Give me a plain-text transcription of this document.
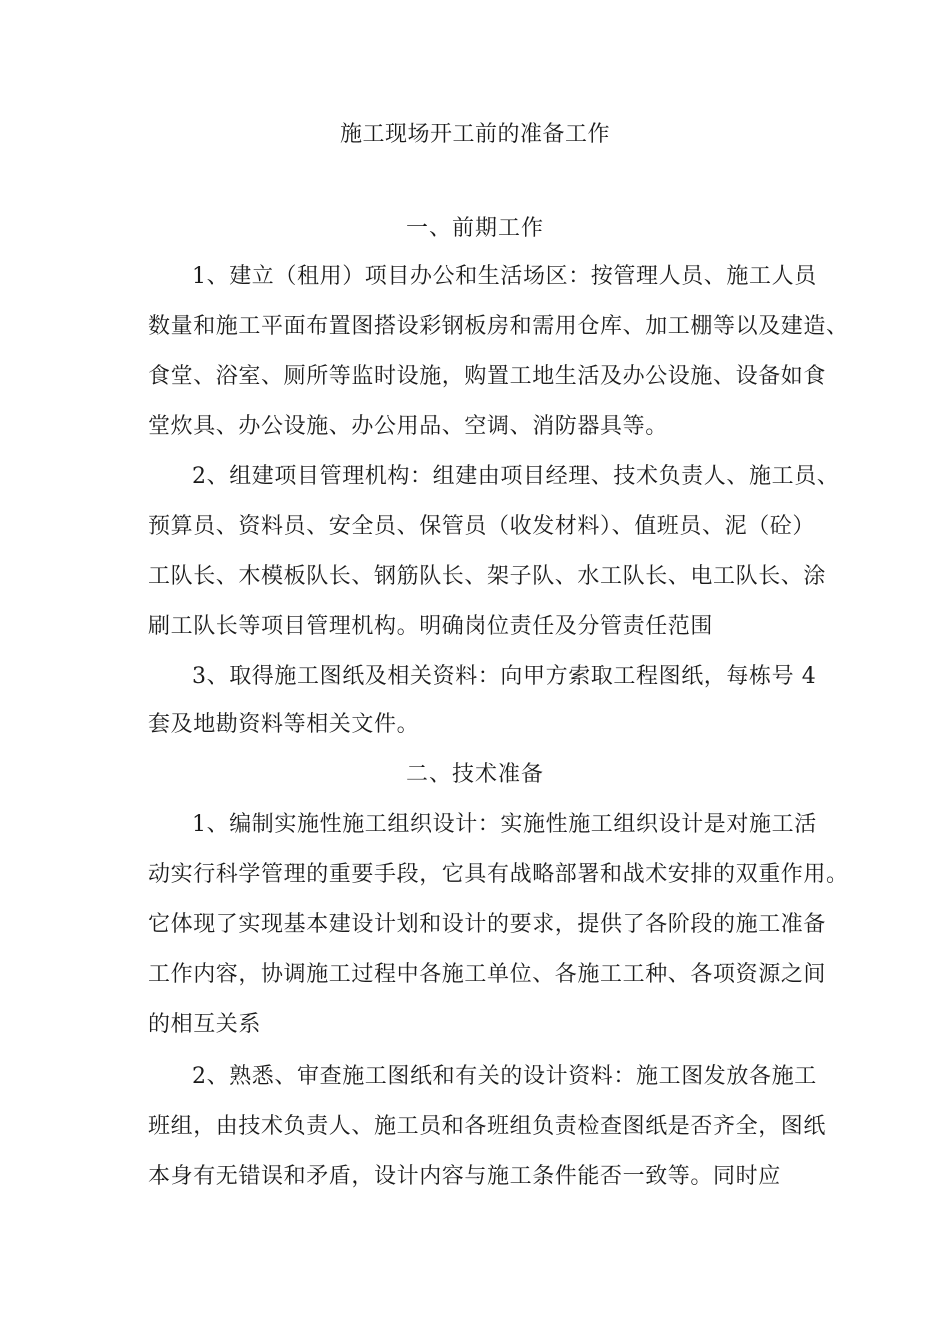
施工现场开工前的准备工作
一、前期工作
1、建立（租用）项目办公和生活场区：按管理人员、施工人员
数量和施工平面布置图搭设彩钢板房和需用仓库、加工棚等以及建造、
食堂、浴室、厕所等监时设施，购置工地生活及办公设施、设备如食
堂炊具、办公设施、办公用品、空调、消防器具等。
2、组建项目管理机构：组建由项目经理、技术负责人、施工员、
预算员、资料员、安全员、保管员（收发材料）、值班员、泥（砼）
工队长、木模板队长、钢筋队长、架子队、水工队长、电工队长、涂
刷工队长等项目管理机构。明确岗位责任及分管责任范围
3、取得施工图纸及相关资料：向甲方索取工程图纸，每栋号 4
套及地勘资料等相关文件。
二、技术准备
1、编制实施性施工组织设计：实施性施工组织设计是对施工活
动实行科学管理的重要手段，它具有战略部署和战术安排的双重作用。
它体现了实现基本建设计划和设计的要求，提供了各阶段的施工准备
工作内容，协调施工过程中各施工单位、各施工工种、各项资源之间
的相互关系
2、熟悉、审查施工图纸和有关的设计资料：施工图发放各施工
班组，由技术负责人、施工员和各班组负责检查图纸是否齐全，图纸
本身有无错误和矛盾，设计内容与施工条件能否一致等。同时应
